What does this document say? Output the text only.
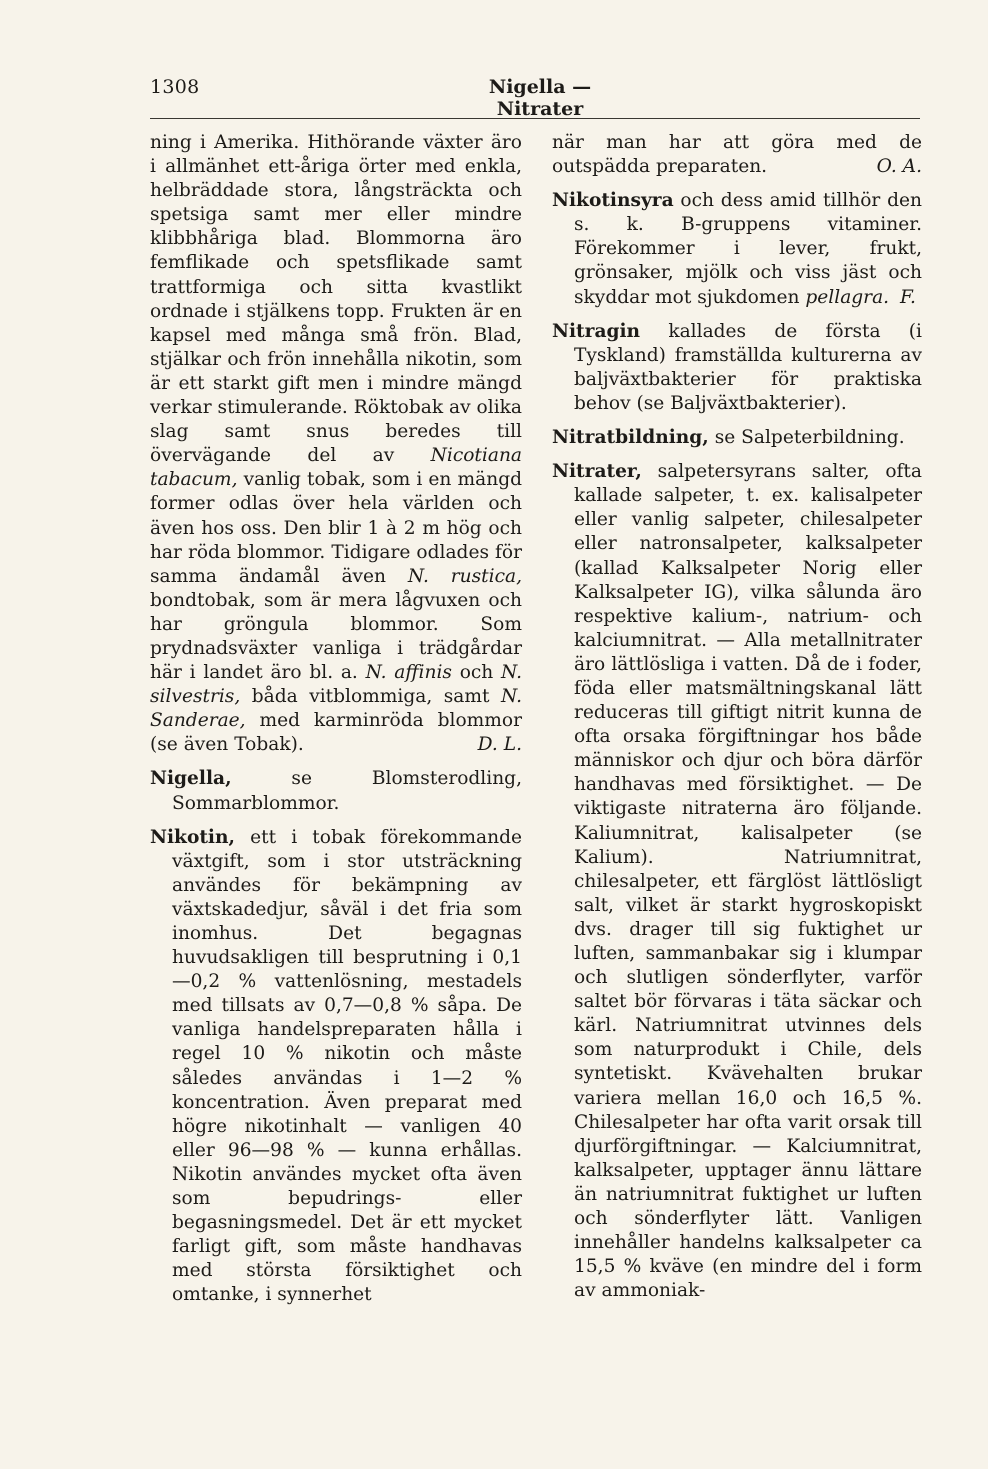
1308	Nigella — Nitrater

ning i Amerika. Hithörande växter äro i allmänhet ett-åriga örter med enkla, helbräddade stora, långsträckta och spetsiga samt mer eller mindre klibbhåriga blad. Blommorna äro femflikade och spetsflikade samt trattformiga och sitta kvastlikt ordnade i stjälkens topp. Frukten är en kapsel med många små frön. Blad, stjälkar och frön innehålla nikotin, som är ett starkt gift men i mindre mängd verkar stimulerande. Röktobak av olika slag samt snus beredes till övervägande del av Nicotiana tabacum, vanlig tobak, som i en mängd former odlas över hela världen och även hos oss. Den blir 1 à 2 m hög och har röda blommor. Tidigare odlades för samma ändamål även N. rustica, bondtobak, som är mera lågvuxen och har gröngula blommor. Som prydnadsväxter vanliga i trädgårdar här i landet äro bl. a. N. affinis och N. silvestris, båda vitblommiga, samt N. Sanderae, med karminröda blommor (se även Tobak).	D. L.

Nigella, se Blomsterodling, Sommarblommor.

Nikotin, ett i tobak förekommande växtgift, som i stor utsträckning användes för bekämpning av växtskadedjur, såväl i det fria som inomhus. Det begagnas huvudsakligen till besprutning i 0,1—0,2 % vattenlösning, mestadels med tillsats av 0,7—0,8 % såpa. De vanliga handelspreparaten hålla i regel 10 % nikotin och måste således användas i 1—2 % koncentration. Även preparat med högre nikotinhalt — vanligen 40 eller 96—98 % — kunna erhållas. Nikotin användes mycket ofta även som bepudrings- eller begasningsmedel. Det är ett mycket farligt gift, som måste handhavas med största försiktighet och omtanke, i synnerhet

när man har att göra med de outspädda preparaten.	O. A.

Nikotinsyra och dess amid tillhör den s. k. B-gruppens vitaminer. Förekommer i lever, frukt, grönsaker, mjölk och viss jäst och skyddar mot sjukdomen pellagra. F.

Nitragin kallades de första (i Tyskland) framställda kulturerna av baljväxtbakterier för praktiska behov (se Baljväxtbakterier).

Nitratbildning, se Salpeterbildning.

Nitrater, salpetersyrans salter, ofta kallade salpeter, t. ex. kalisalpeter eller vanlig salpeter, chilesalpeter eller natronsalpeter, kalksalpeter (kallad Kalksalpeter Norig eller Kalksalpeter IG), vilka sålunda äro respektive kalium-, natrium- och kalciumnitrat. — Alla metallnitrater äro lättlösliga i vatten. Då de i foder, föda eller matsmältningskanal lätt reduceras till giftigt nitrit kunna de ofta orsaka förgiftningar hos både människor och djur och böra därför handhavas med försiktighet. — De viktigaste nitraterna äro följande. Kaliumnitrat, kalisalpeter (se Kalium). Natriumnitrat, chilesalpeter, ett färglöst lättlösligt salt, vilket är starkt hygroskopiskt dvs. drager till sig fuktighet ur luften, sammanbakar sig i klumpar och slutligen sönderflyter, varför saltet bör förvaras i täta säckar och kärl. Natriumnitrat utvinnes dels som naturprodukt i Chile, dels syntetiskt. Kvävehalten brukar variera mellan 16,0 och 16,5 %. Chilesalpeter har ofta varit orsak till djurförgiftningar. — Kalciumnitrat, kalksalpeter, upptager ännu lättare än natriumnitrat fuktighet ur luften och sönderflyter lätt. Vanligen innehåller handelns kalksalpeter ca 15,5 % kväve (en mindre del i form av ammoniak-
